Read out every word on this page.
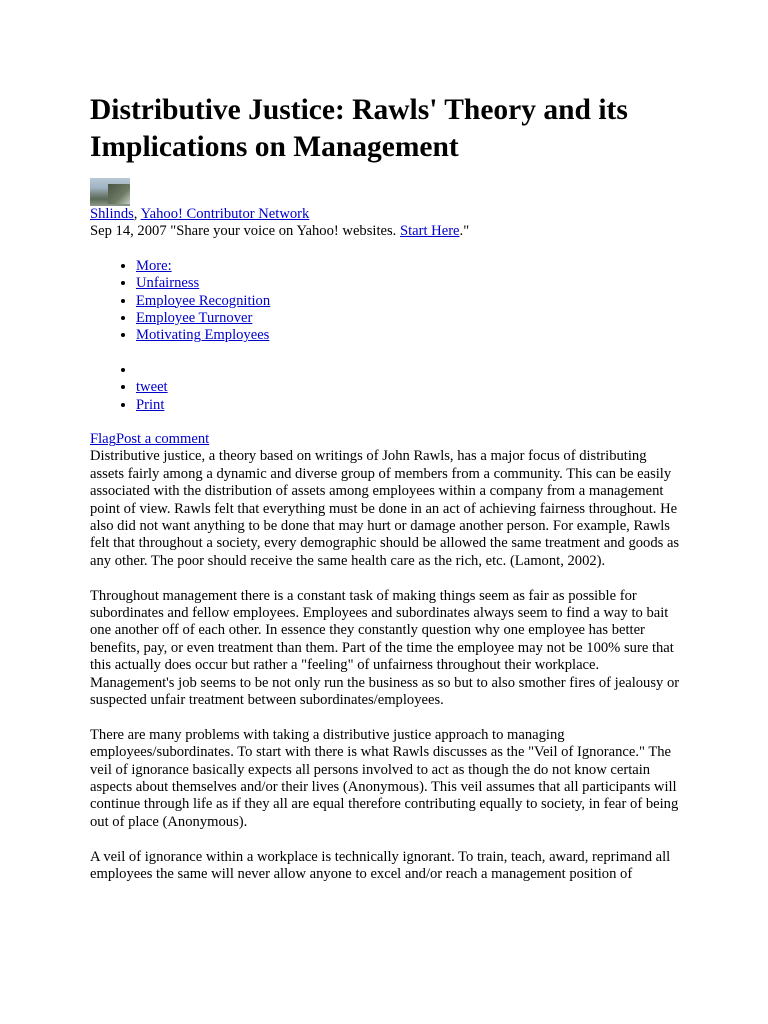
Distributive Justice: Rawls' Theory and its Implications on Management
Shlinds, Yahoo! Contributor Network
Sep 14, 2007 "Share your voice on Yahoo! websites. Start Here."
• More:
• Unfairness
• Employee Recognition
• Employee Turnover
• Motivating Employees
•
• tweet
• Print
FlagPost a comment

Distributive justice, a theory based on writings of John Rawls, has a major focus of distributing assets fairly among a dynamic and diverse group of members from a community. This can be easily associated with the distribution of assets among employees within a company from a management point of view. Rawls felt that everything must be done in an act of achieving fairness throughout. He also did not want anything to be done that may hurt or damage another person. For example, Rawls felt that throughout a society, every demographic should be allowed the same treatment and goods as any other. The poor should receive the same health care as the rich, etc. (Lamont, 2002).

Throughout management there is a constant task of making things seem as fair as possible for subordinates and fellow employees. Employees and subordinates always seem to find a way to bait one another off of each other. In essence they constantly question why one employee has better benefits, pay, or even treatment than them. Part of the time the employee may not be 100% sure that this actually does occur but rather a "feeling" of unfairness throughout their workplace. Management's job seems to be not only run the business as so but to also smother fires of jealousy or suspected unfair treatment between subordinates/employees.

There are many problems with taking a distributive justice approach to managing employees/subordinates. To start with there is what Rawls discusses as the "Veil of Ignorance." The veil of ignorance basically expects all persons involved to act as though the do not know certain aspects about themselves and/or their lives (Anonymous). This veil assumes that all participants will continue through life as if they all are equal therefore contributing equally to society, in fear of being out of place (Anonymous).

A veil of ignorance within a workplace is technically ignorant. To train, teach, award, reprimand all employees the same will never allow anyone to excel and/or reach a management position of
